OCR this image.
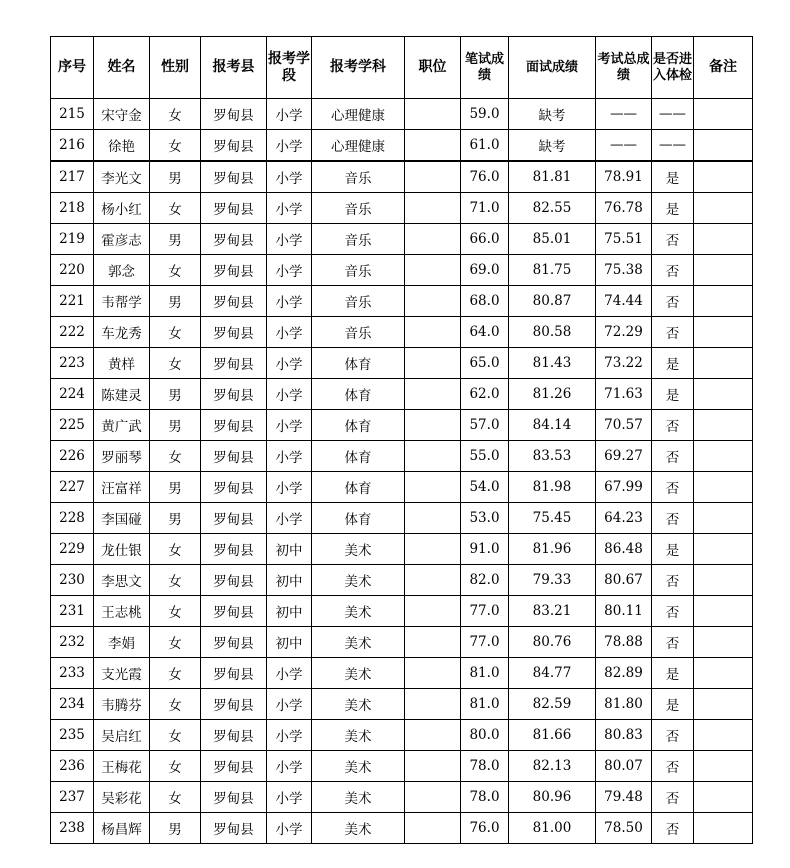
序号	姓名	性别	报考县	报考学段	报考学科	职位	笔试成绩	面试成绩	考试总成绩	是否进入体检	备注
215	宋守金	女	罗甸县	小学	心理健康		59.0	缺考	——	——	
216	徐艳	女	罗甸县	小学	心理健康		61.0	缺考	——	——	
217	李光文	男	罗甸县	小学	音乐		76.0	81.81	78.91	是	
218	杨小红	女	罗甸县	小学	音乐		71.0	82.55	76.78	是	
219	霍彦志	男	罗甸县	小学	音乐		66.0	85.01	75.51	否	
220	郭念	女	罗甸县	小学	音乐		69.0	81.75	75.38	否	
221	韦帮学	男	罗甸县	小学	音乐		68.0	80.87	74.44	否	
222	车龙秀	女	罗甸县	小学	音乐		64.0	80.58	72.29	否	
223	黄样	女	罗甸县	小学	体育		65.0	81.43	73.22	是	
224	陈建灵	男	罗甸县	小学	体育		62.0	81.26	71.63	是	
225	黄广武	男	罗甸县	小学	体育		57.0	84.14	70.57	否	
226	罗丽琴	女	罗甸县	小学	体育		55.0	83.53	69.27	否	
227	汪富祥	男	罗甸县	小学	体育		54.0	81.98	67.99	否	
228	李国碰	男	罗甸县	小学	体育		53.0	75.45	64.23	否	
229	龙仕银	女	罗甸县	初中	美术		91.0	81.96	86.48	是	
230	李思文	女	罗甸县	初中	美术		82.0	79.33	80.67	否	
231	王志桃	女	罗甸县	初中	美术		77.0	83.21	80.11	否	
232	李娟	女	罗甸县	初中	美术		77.0	80.76	78.88	否	
233	支光霞	女	罗甸县	小学	美术		81.0	84.77	82.89	是	
234	韦腾芬	女	罗甸县	小学	美术		81.0	82.59	81.80	是	
235	吴启红	女	罗甸县	小学	美术		80.0	81.66	80.83	否	
236	王梅花	女	罗甸县	小学	美术		78.0	82.13	80.07	否	
237	吴彩花	女	罗甸县	小学	美术		78.0	80.96	79.48	否	
238	杨昌辉	男	罗甸县	小学	美术		76.0	81.00	78.50	否	
